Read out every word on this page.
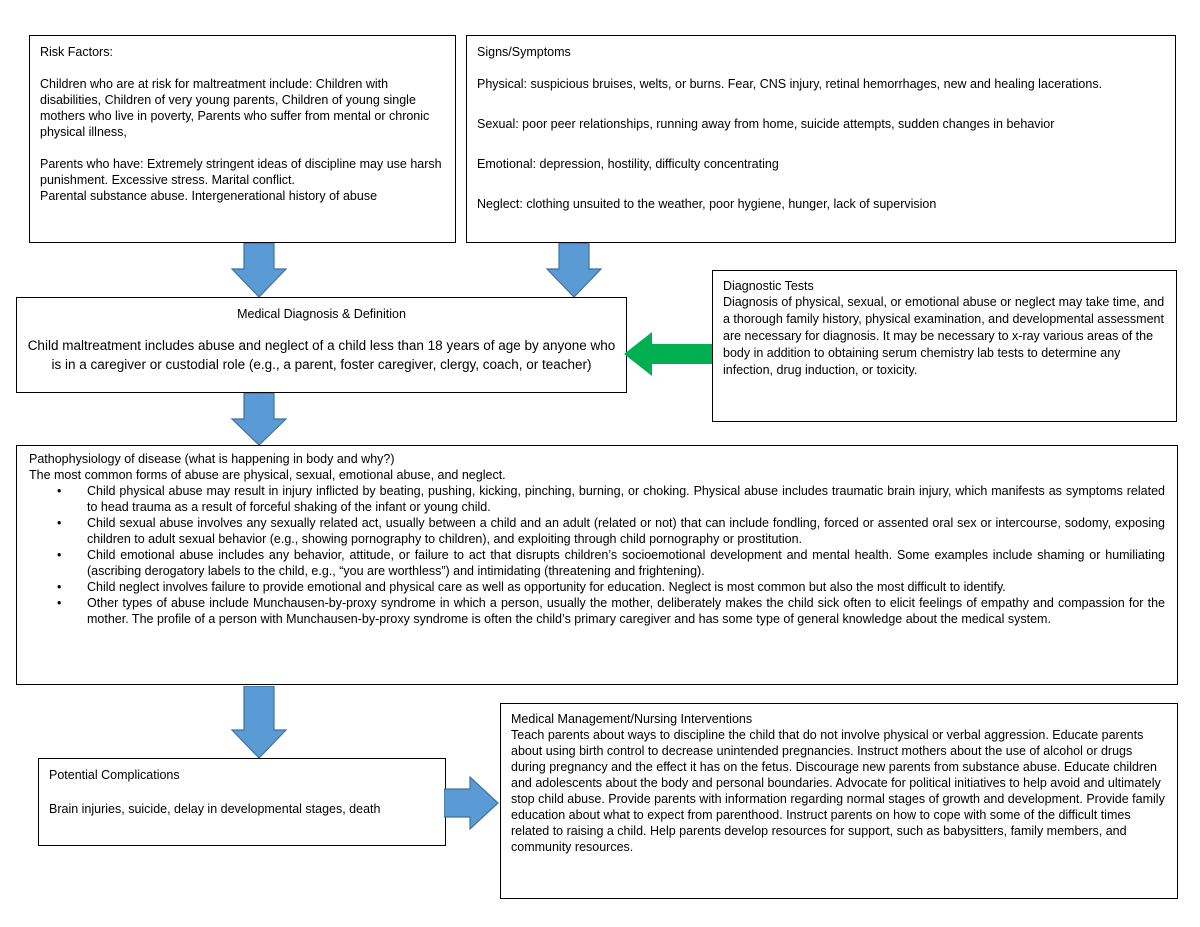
Risk Factors:

Children who are at risk for maltreatment include: Children with disabilities, Children of very young parents, Children of young single mothers who live in poverty, Parents who suffer from mental or chronic physical illness,

Parents who have: Extremely stringent ideas of discipline may use harsh punishment. Excessive stress. Marital conflict.

Parental substance abuse. Intergenerational history of abuse

Signs/Symptoms

Physical: suspicious bruises, welts, or burns. Fear, CNS injury, retinal hemorrhages, new and healing lacerations.

Sexual: poor peer relationships, running away from home, suicide attempts, sudden changes in behavior

Emotional: depression, hostility, difficulty concentrating

Neglect: clothing unsuited to the weather, poor hygiene, hunger, lack of supervision

Medical Diagnosis & Definition

Child maltreatment includes abuse and neglect of a child less than 18 years of age by anyone who is in a caregiver or custodial role (e.g., a parent, foster caregiver, clergy, coach, or teacher)

Diagnostic Tests

Diagnosis of physical, sexual, or emotional abuse or neglect may take time, and a thorough family history, physical examination, and developmental assessment are necessary for diagnosis. It may be necessary to x-ray various areas of the body in addition to obtaining serum chemistry lab tests to determine any infection, drug induction, or toxicity.

Pathophysiology of disease (what is happening in body and why?)

The most common forms of abuse are physical, sexual, emotional abuse, and neglect.

• Child physical abuse may result in injury inflicted by beating, pushing, kicking, pinching, burning, or choking. Physical abuse includes traumatic brain injury, which manifests as symptoms related to head trauma as a result of forceful shaking of the infant or young child.
• Child sexual abuse involves any sexually related act, usually between a child and an adult (related or not) that can include fondling, forced or assented oral sex or intercourse, sodomy, exposing children to adult sexual behavior (e.g., showing pornography to children), and exploiting through child pornography or prostitution.
• Child emotional abuse includes any behavior, attitude, or failure to act that disrupts children’s socioemotional development and mental health. Some examples include shaming or humiliating (ascribing derogatory labels to the child, e.g., “you are worthless”) and intimidating (threatening and frightening).
• Child neglect involves failure to provide emotional and physical care as well as opportunity for education. Neglect is most common but also the most difficult to identify.
• Other types of abuse include Munchausen-by-proxy syndrome in which a person, usually the mother, deliberately makes the child sick often to elicit feelings of empathy and compassion for the mother. The profile of a person with Munchausen-by-proxy syndrome is often the child’s primary caregiver and has some type of general knowledge about the medical system.

Potential Complications

Brain injuries, suicide, delay in developmental stages, death

Medical Management/Nursing Interventions

Teach parents about ways to discipline the child that do not involve physical or verbal aggression. Educate parents about using birth control to decrease unintended pregnancies. Instruct mothers about the use of alcohol or drugs during pregnancy and the effect it has on the fetus. Discourage new parents from substance abuse. Educate children and adolescents about the body and personal boundaries. Advocate for political initiatives to help avoid and ultimately stop child abuse. Provide parents with information regarding normal stages of growth and development. Provide family education about what to expect from parenthood. Instruct parents on how to cope with some of the difficult times related to raising a child. Help parents develop resources for support, such as babysitters, family members, and community resources.
